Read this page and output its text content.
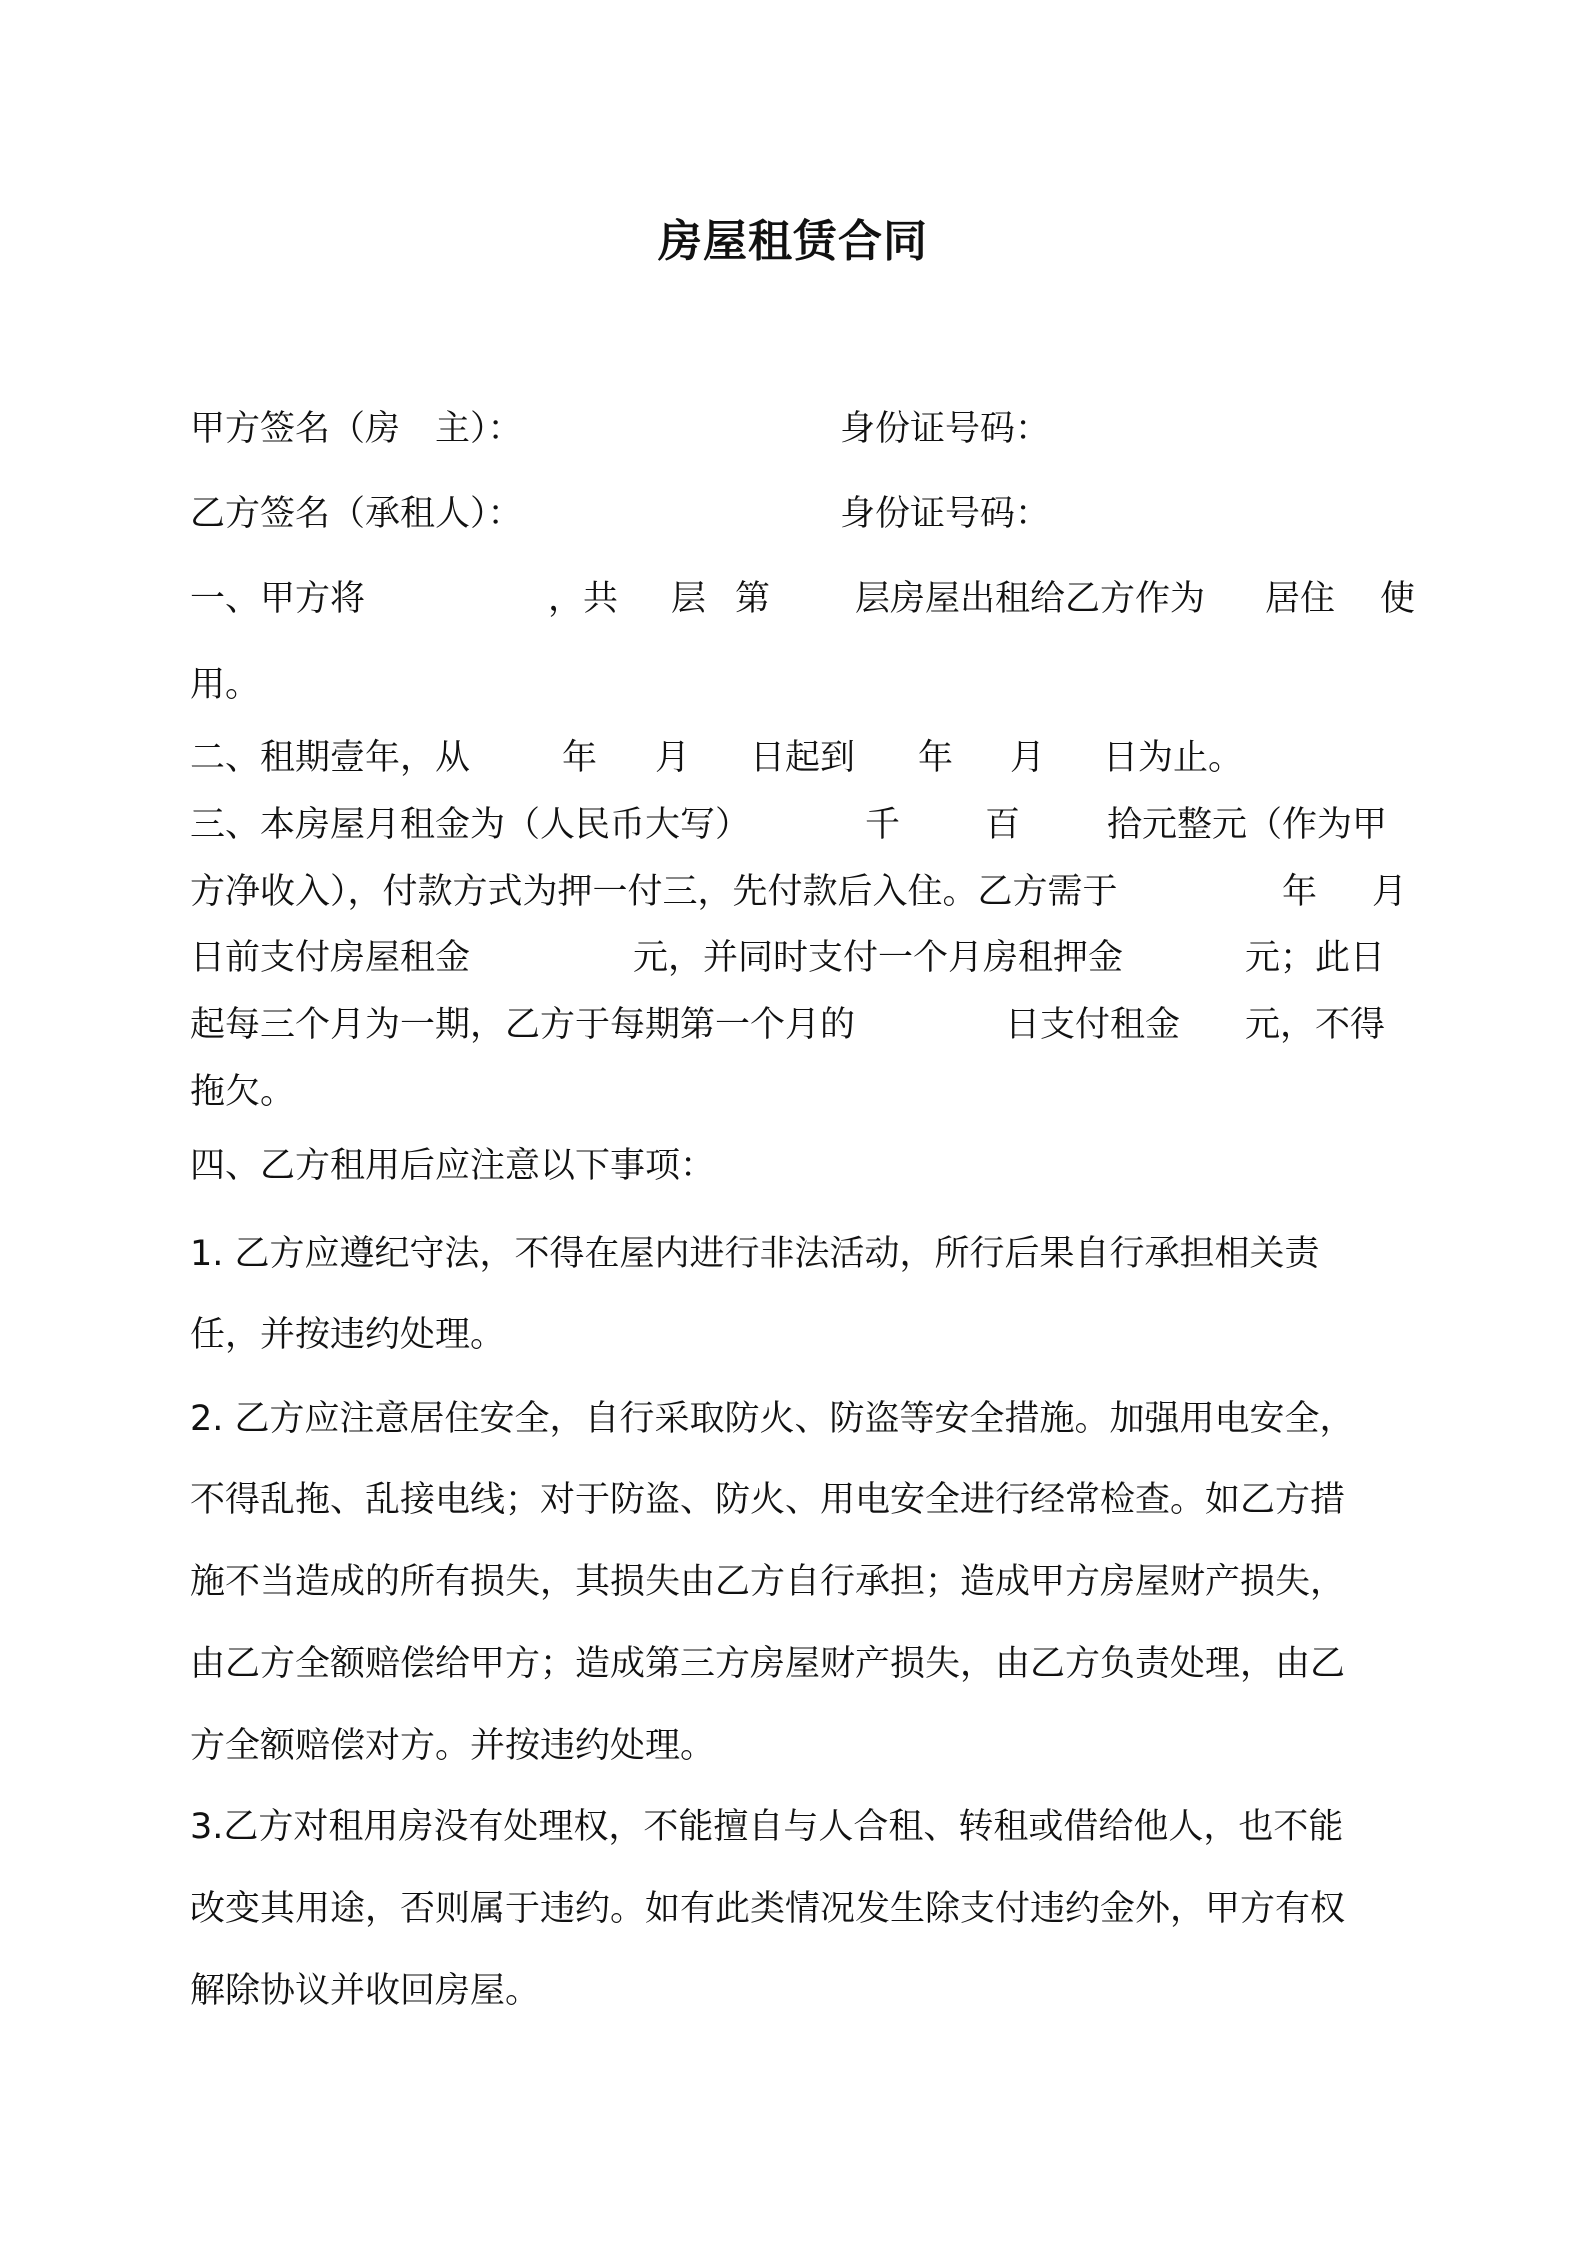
房屋租赁合同
甲方签名（房　主）：	身份证号码：
乙方签名（承租人）：	身份证号码：
一、甲方将	，共 层 第 层房屋出租给乙方作为 居住 使
用。
二、租期壹年，从	年 月 日起到 年 月 日为止。
三、本房屋月租金为（人民币大写）	千 百 拾元整元（作为甲
方净收入），付款方式为押一付三，先付款后入住。乙方需于	年 月
日前支付房屋租金	元，并同时支付一个月房租押金	元；此日
起每三个月为一期，乙方于每期第一个月的	日支付租金 元，不得
拖欠。
四、乙方租用后应注意以下事项：
1. 乙方应遵纪守法，不得在屋内进行非法活动，所行后果自行承担相关责
任，并按违约处理。
2. 乙方应注意居住安全，自行采取防火、防盗等安全措施。加强用电安全，
不得乱拖、乱接电线；对于防盗、防火、用电安全进行经常检查。如乙方措
施不当造成的所有损失，其损失由乙方自行承担；造成甲方房屋财产损失，
由乙方全额赔偿给甲方；造成第三方房屋财产损失，由乙方负责处理，由乙
方全额赔偿对方。并按违约处理。
3.乙方对租用房没有处理权，不能擅自与人合租、转租或借给他人，也不能
改变其用途，否则属于违约。如有此类情况发生除支付违约金外，甲方有权
解除协议并收回房屋。
